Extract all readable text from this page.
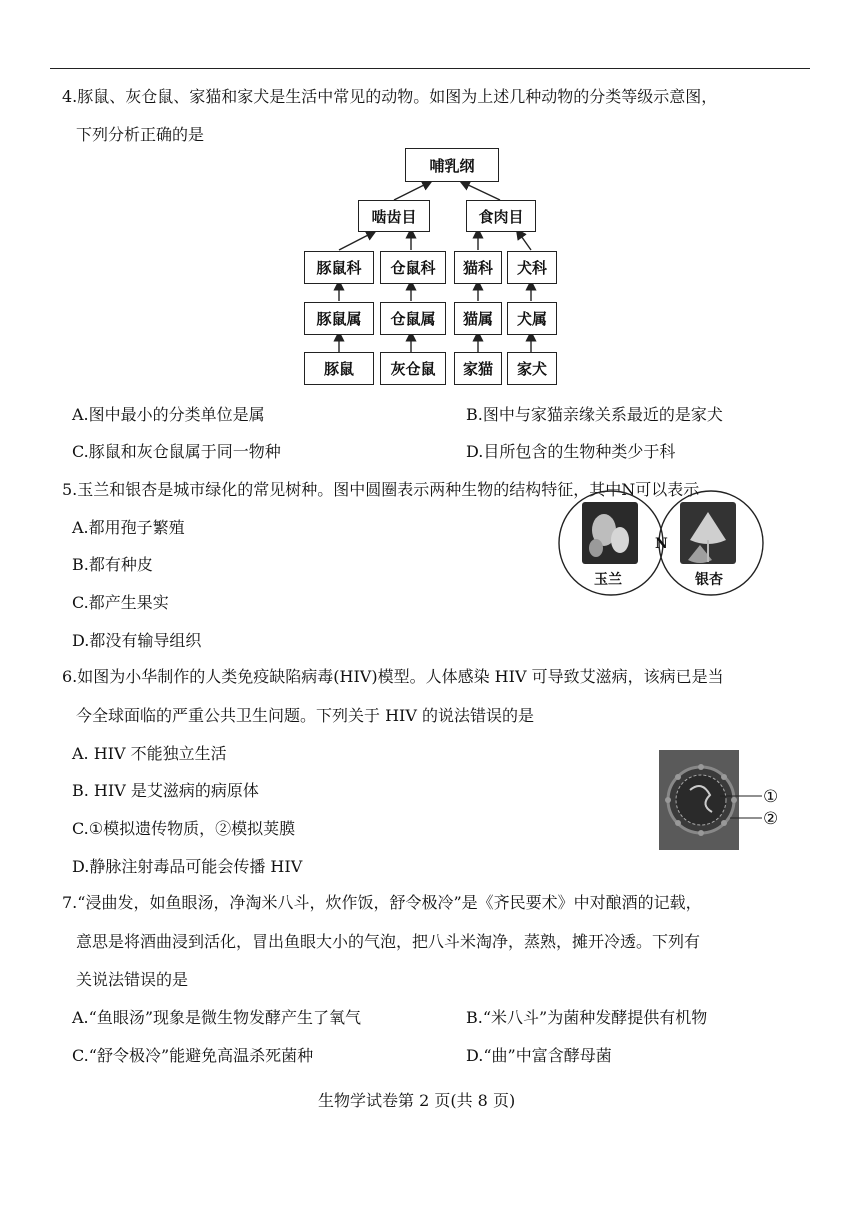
4.豚鼠、灰仓鼠、家猫和家犬是生活中常见的动物。如图为上述几种动物的分类等级示意图，
下列分析正确的是
哺乳纲
啮齿目	食肉目
豚鼠科	仓鼠科	猫科	犬科
豚鼠属	仓鼠属	猫属	犬属
豚鼠	灰仓鼠	家猫	家犬
A.图中最小的分类单位是属	B.图中与家猫亲缘关系最近的是家犬
C.豚鼠和灰仓鼠属于同一物种	D.目所包含的生物种类少于科
5.玉兰和银杏是城市绿化的常见树种。图中圆圈表示两种生物的结构特征，其中N可以表示
A.都用孢子繁殖
B.都有种皮
C.都产生果实
D.都没有输导组织
玉兰	银杏
N
6.如图为小华制作的人类免疫缺陷病毒(HIV)模型。人体感染 HIV 可导致艾滋病，该病已是当
今全球面临的严重公共卫生问题。下列关于 HIV 的说法错误的是
A. HIV 不能独立生活
B. HIV 是艾滋病的病原体
C.①模拟遗传物质，②模拟荚膜
D.静脉注射毒品可能会传播 HIV
①
②
7.“浸曲发，如鱼眼汤，净淘米八斗，炊作饭，舒令极冷”是《齐民要术》中对酿酒的记载，
意思是将酒曲浸到活化，冒出鱼眼大小的气泡，把八斗米淘净，蒸熟，摊开冷透。下列有
关说法错误的是
A.“鱼眼汤”现象是微生物发酵产生了氧气	B.“米八斗”为菌种发酵提供有机物
C.“舒令极冷”能避免高温杀死菌种	D.“曲”中富含酵母菌
生物学试卷第 2 页(共 8 页)
